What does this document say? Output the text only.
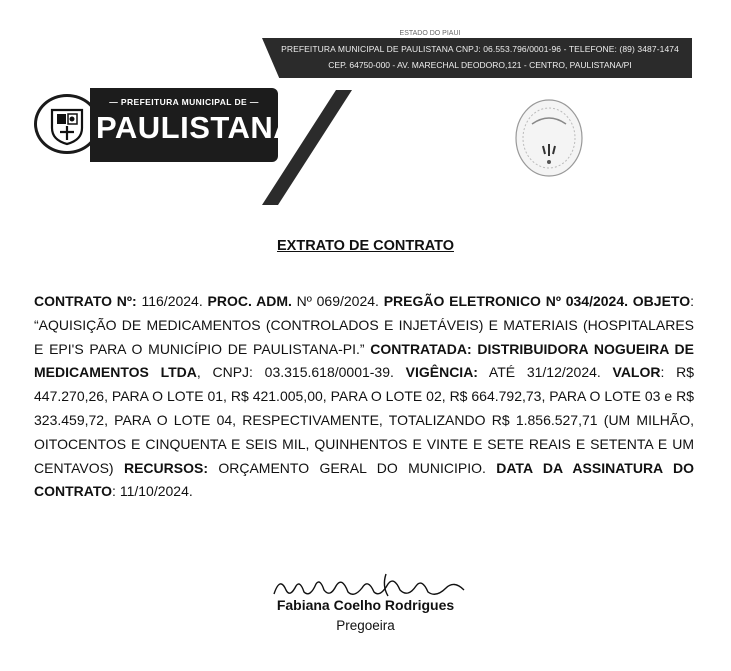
ESTADO DO PIAUI
PREFEITURA MUNICIPAL DE PAULISTANA CNPJ: 06.553.796/0001-96 - TELEFONE: (89) 3487-1474
CEP. 64750-000 - AV. MARECHAL DEODORO,121 - CENTRO, PAULISTANA/PI
— PREFEITURA MUNICIPAL DE —
PAULISTANA
EXTRATO DE CONTRATO
CONTRATO Nº: 116/2024. PROC. ADM. Nº 069/2024. PREGÃO ELETRONICO Nº 034/2024. OBJETO: “AQUISIÇÃO DE MEDICAMENTOS (CONTROLADOS E INJETÁVEIS) E MATERIAIS (HOSPITALARES E EPI'S PARA O MUNICÍPIO DE PAULISTANA-PI.” CONTRATADA: DISTRIBUIDORA NOGUEIRA DE MEDICAMENTOS LTDA, CNPJ: 03.315.618/0001-39. VIGÊNCIA: ATÉ 31/12/2024. VALOR: R$ 447.270,26, PARA O LOTE 01, R$ 421.005,00, PARA O LOTE 02, R$ 664.792,73, PARA O LOTE 03 e R$ 323.459,72, PARA O LOTE 04, RESPECTIVAMENTE, TOTALIZANDO R$ 1.856.527,71 (UM MILHÃO, OITOCENTOS E CINQUENTA E SEIS MIL, QUINHENTOS E VINTE E SETE REAIS E SETENTA E UM CENTAVOS) RECURSOS: ORÇAMENTO GERAL DO MUNICIPIO. DATA DA ASSINATURA DO CONTRATO: 11/10/2024.
Fabiana Coelho Rodrigues
Pregoeira
